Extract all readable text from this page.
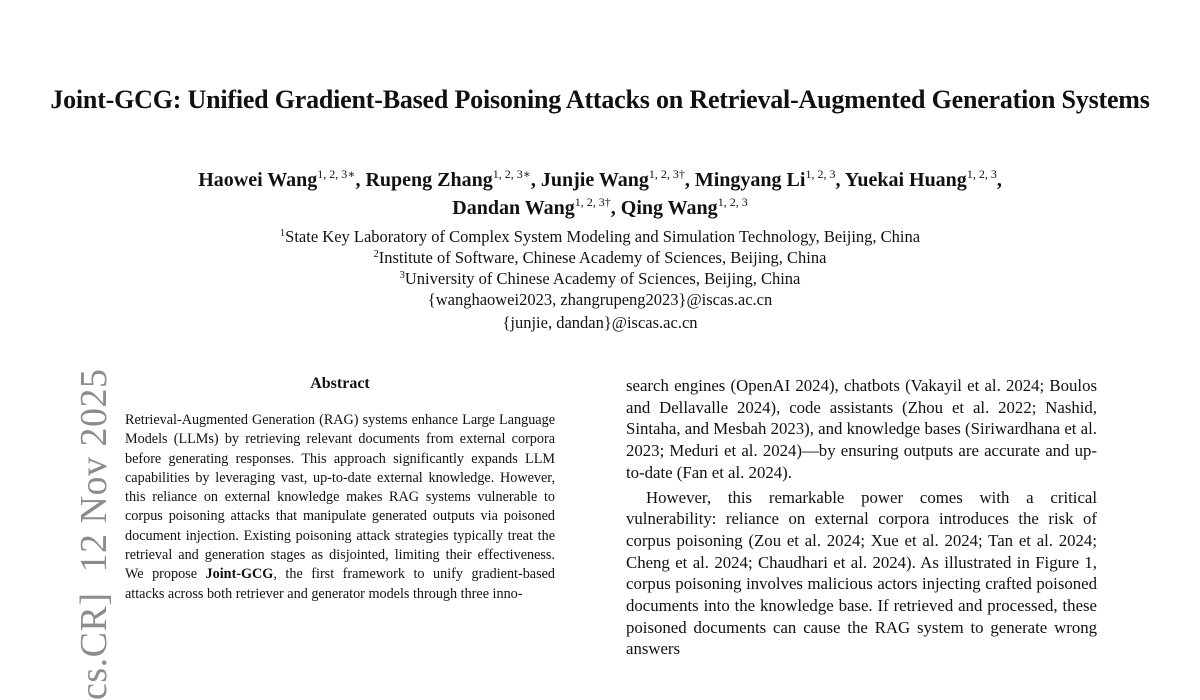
cs.CR]  12 Nov 2025
Joint-GCG: Unified Gradient-Based Poisoning Attacks on Retrieval-Augmented Generation Systems
Haowei Wang$^{1, 2, 3∗}$, Rupeng Zhang$^{1, 2, 3∗}$, Junjie Wang$^{1, 2, 3\dagger}$, Mingyang Li$^{1, 2, 3}$, Yuekai Huang$^{1, 2, 3}$,
Dandan Wang$^{1, 2, 3\dagger}$, Qing Wang$^{1, 2, 3}$
$^1$State Key Laboratory of Complex System Modeling and Simulation Technology, Beijing, China
$^2$Institute of Software, Chinese Academy of Sciences, Beijing, China
$^3$University of Chinese Academy of Sciences, Beijing, China
{wanghaowei2023, zhangrupeng2023}@iscas.ac.cn
{junjie, dandan}@iscas.ac.cn
Abstract
Retrieval-Augmented Generation (RAG) systems enhance Large Language Models (LLMs) by retrieving relevant documents from external corpora before generating responses. This approach significantly expands LLM capabilities by leveraging vast, up-to-date external knowledge. However, this reliance on external knowledge makes RAG systems vulnerable to corpus poisoning attacks that manipulate generated outputs via poisoned document injection. Existing poisoning attack strategies typically treat the retrieval and generation stages as disjointed, limiting their effectiveness. We propose Joint-GCG, the first framework to unify gradient-based attacks across both retriever and generator models through three inno-

search engines (OpenAI 2024), chatbots (Vakayil et al. 2024; Boulos and Dellavalle 2024), code assistants (Zhou et al. 2022; Nashid, Sintaha, and Mesbah 2023), and knowledge bases (Siriwardhana et al. 2023; Meduri et al. 2024)—by ensuring outputs are accurate and up-to-date (Fan et al. 2024).

However, this remarkable power comes with a critical vulnerability: reliance on external corpora introduces the risk of corpus poisoning (Zou et al. 2024; Xue et al. 2024; Tan et al. 2024; Cheng et al. 2024; Chaudhari et al. 2024). As illustrated in Figure 1, corpus poisoning involves malicious actors injecting crafted poisoned documents into the knowledge base. If retrieved and processed, these poisoned documents can cause the RAG system to generate wrong answers
